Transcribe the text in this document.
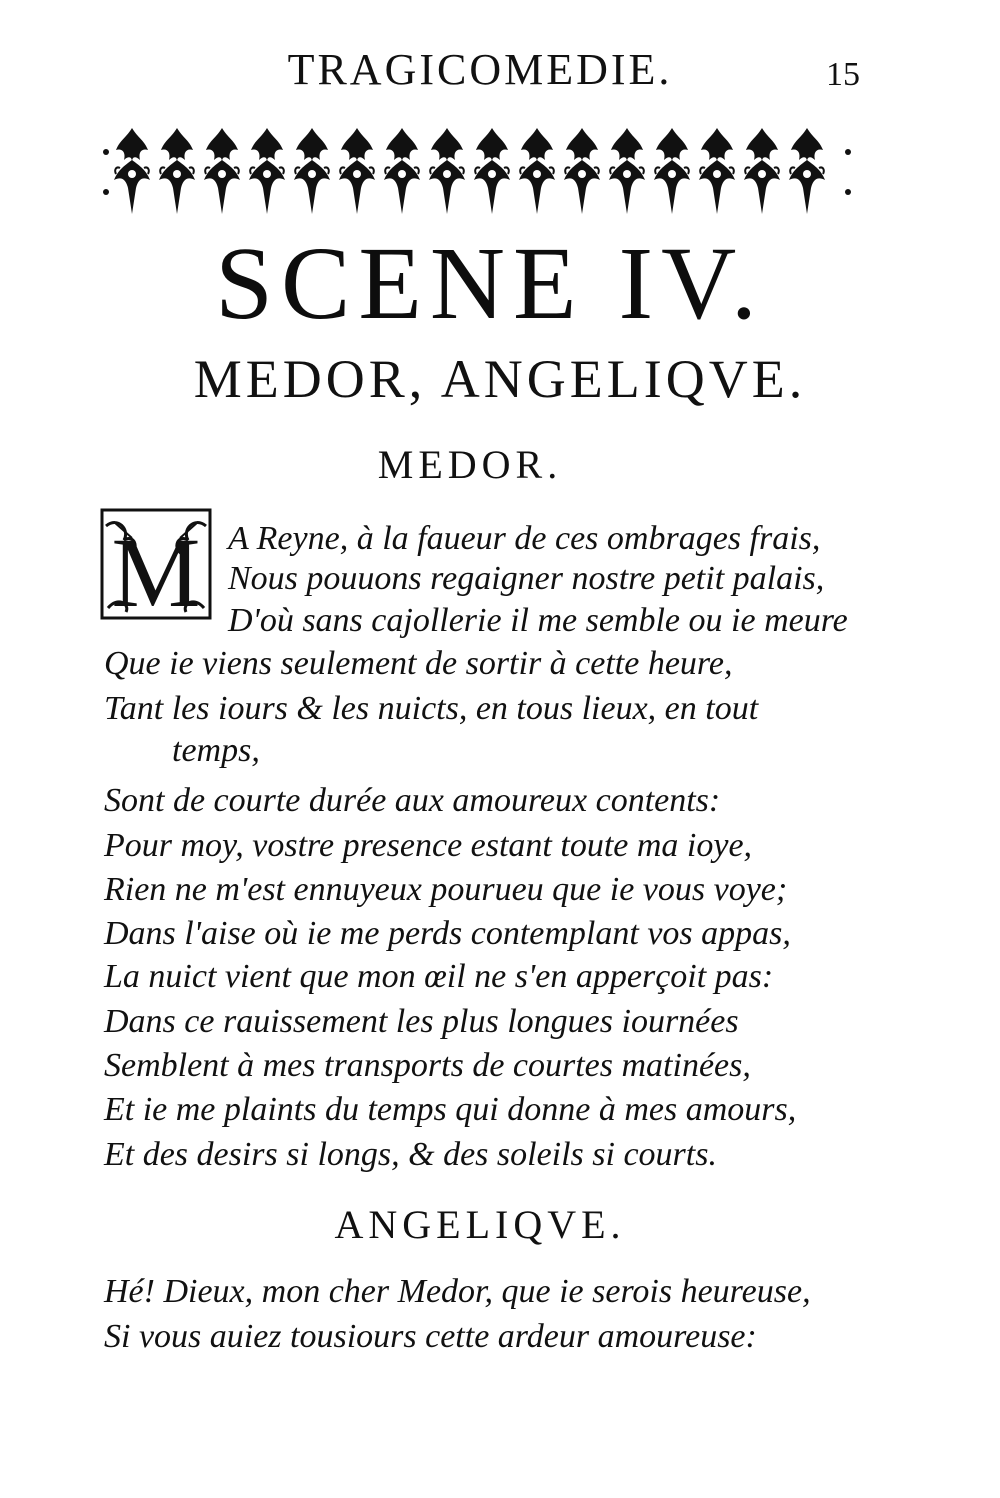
TRAGICOMEDIE.	15
SCENE IV.
MEDOR, ANGELIQVE.
MEDOR.
M A Reyne, à la faueur de ces ombrages frais,
Nous pouuons regaigner nostre petit palais,
D'où sans cajollerie il me semble ou ie meure
Que ie viens seulement de sortir à cette heure,
Tant les iours & les nuicts, en tous lieux, en tout
temps,
Sont de courte durée aux amoureux contents:
Pour moy, vostre presence estant toute ma ioye,
Rien ne m'est ennuyeux pourueu que ie vous voye;
Dans l'aise où ie me perds contemplant vos appas,
La nuict vient que mon œil ne s'en apperçoit pas:
Dans ce rauissement les plus longues iournées
Semblent à mes transports de courtes matinées,
Et ie me plaints du temps qui donne à mes amours,
Et des desirs si longs, & des soleils si courts.
ANGELIQVE.
Hé! Dieux, mon cher Medor, que ie serois heureuse,
Si vous auiez tousiours cette ardeur amoureuse:
